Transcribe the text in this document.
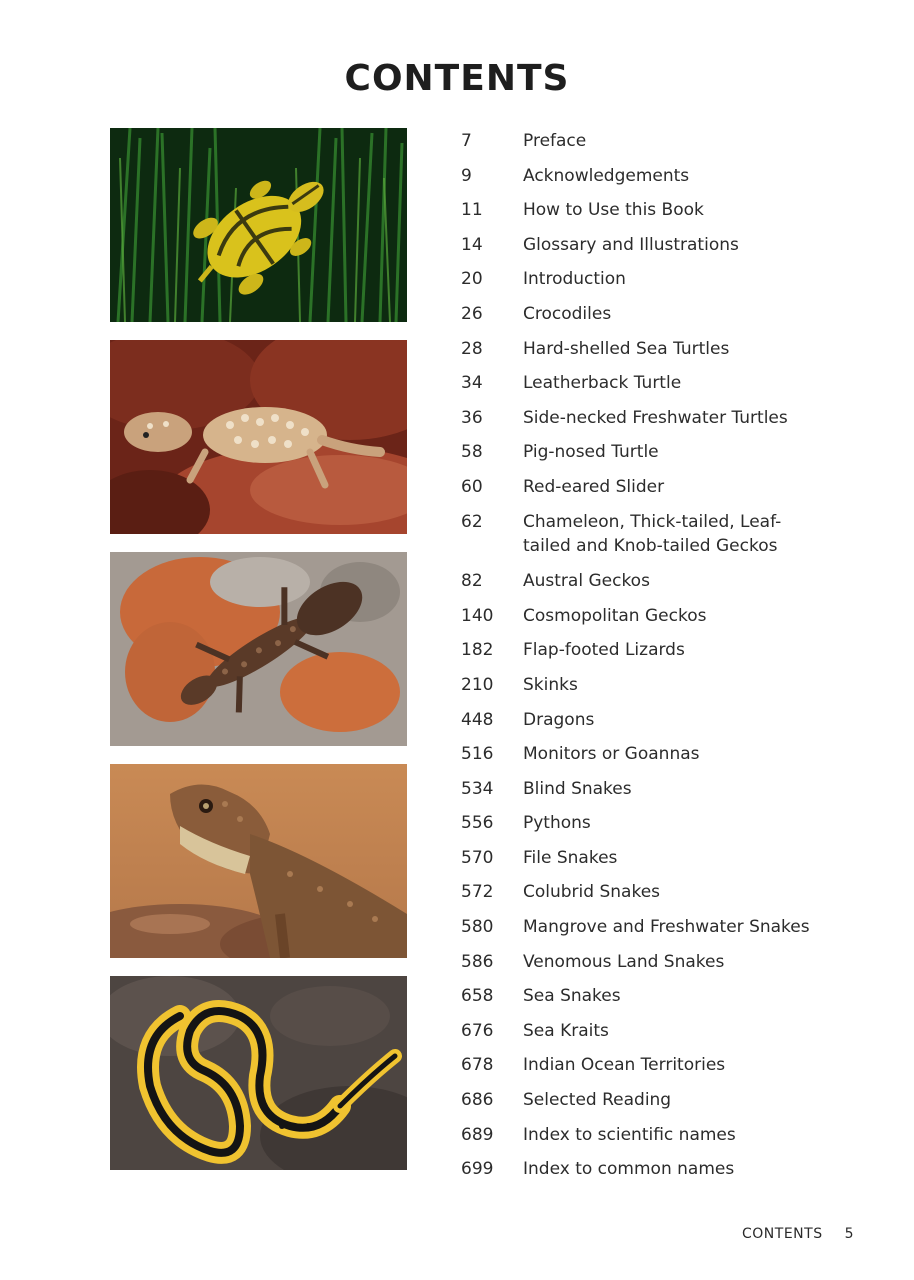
CONTENTS
7	Preface
9	Acknowledgements
11	How to Use this Book
14	Glossary and Illustrations
20	Introduction
26	Crocodiles
28	Hard-shelled Sea Turtles
34	Leatherback Turtle
36	Side-necked Freshwater Turtles
58	Pig-nosed Turtle
60	Red-eared Slider
62	Chameleon, Thick-tailed, Leaf-
tailed and Knob-tailed Geckos
82	Austral Geckos
140	Cosmopolitan Geckos
182	Flap-footed Lizards
210	Skinks
448	Dragons
516	Monitors or Goannas
534	Blind Snakes
556	Pythons
570	File Snakes
572	Colubrid Snakes
580	Mangrove and Freshwater Snakes
586	Venomous Land Snakes
658	Sea Snakes
676	Sea Kraits
678	Indian Ocean Territories
686	Selected Reading
689	Index to scientific names
699	Index to common names
CONTENTS 5
